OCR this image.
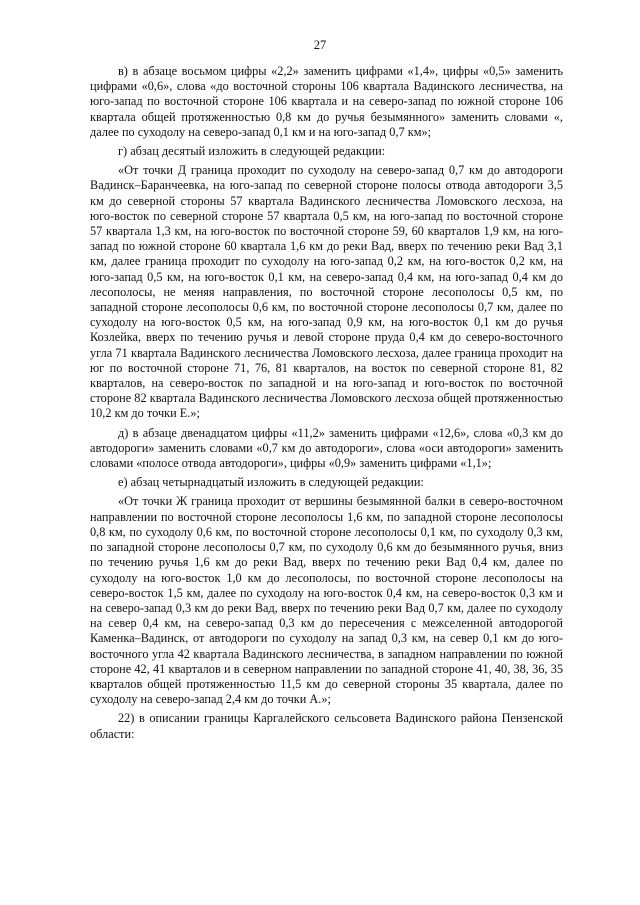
27

в) в абзаце восьмом цифры «2,2» заменить цифрами «1,4», цифры «0,5» заменить цифрами «0,6», слова «до восточной стороны 106 квартала Вадинского лесничества, на юго-запад по восточной стороне 106 квартала и на северо-запад по южной стороне 106 квартала общей протяженностью 0,8 км до ручья безымянного» заменить словами «, далее по суходолу на северо-запад 0,1 км и на юго-запад 0,7 км»;

г) абзац десятый изложить в следующей редакции:

«От точки Д граница проходит по суходолу на северо-запад 0,7 км до автодороги Вадинск–Баранчеевка, на юго-запад по северной стороне полосы отвода автодороги 3,5 км до северной стороны 57 квартала Вадинского лесничества Ломовского лесхоза, на юго-восток по северной стороне 57 квартала 0,5 км, на юго-запад по восточной стороне 57 квартала 1,3 км, на юго-восток по восточной стороне 59, 60 кварталов 1,9 км, на юго-запад по южной стороне 60 квартала 1,6 км до реки Вад, вверх по течению реки Вад 3,1 км, далее граница проходит по суходолу на юго-запад 0,2 км, на юго-восток 0,2 км, на юго-запад 0,5 км, на юго-восток 0,1 км, на северо-запад 0,4 км, на юго-запад 0,4 км до лесополосы, не меняя направления, по восточной стороне лесополосы 0,5 км, по западной стороне лесополосы 0,6 км, по восточной стороне лесополосы 0,7 км, далее по суходолу на юго-восток 0,5 км, на юго-запад 0,9 км, на юго-восток 0,1 км до ручья Козлейка, вверх по течению ручья и левой стороне пруда 0,4 км до северо-восточного угла 71 квартала Вадинского лесничества Ломовского лесхоза, далее граница проходит на юг по восточной стороне 71, 76, 81 кварталов, на восток по северной стороне 81, 82 кварталов, на северо-восток по западной и на юго-запад и юго-восток по восточной стороне 82 квартала Вадинского лесничества Ломовского лесхоза общей протяженностью 10,2 км до точки Е.»;

д) в абзаце двенадцатом цифры «11,2» заменить цифрами «12,6», слова «0,3 км до автодороги» заменить словами «0,7 км до автодороги», слова «оси автодороги» заменить словами «полосе отвода автодороги», цифры «0,9» заменить цифрами «1,1»;

е) абзац четырнадцатый изложить в следующей редакции:

«От точки Ж граница проходит от вершины безымянной балки в северо-восточном направлении по восточной стороне лесополосы 1,6 км, по западной стороне лесополосы 0,8 км, по суходолу 0,6 км, по восточной стороне лесополосы 0,1 км, по суходолу 0,3 км, по западной стороне лесополосы 0,7 км, по суходолу 0,6 км до безымянного ручья, вниз по течению ручья 1,6 км до реки Вад, вверх по течению реки Вад 0,4 км, далее по суходолу на юго-восток 1,0 км до лесополосы, по восточной стороне лесополосы на северо-восток 1,5 км, далее по суходолу на юго-восток 0,4 км, на северо-восток 0,3 км и на северо-запад 0,3 км до реки Вад, вверх по течению реки Вад 0,7 км, далее по суходолу на север 0,4 км, на северо-запад 0,3 км до пересечения с межселенной автодорогой Каменка–Вадинск, от автодороги по суходолу на запад 0,3 км, на север 0,1 км до юго-восточного угла 42 квартала Вадинского лесничества, в западном направлении по южной стороне 42, 41 кварталов и в северном направлении по западной стороне 41, 40, 38, 36, 35 кварталов общей протяженностью 11,5 км до северной стороны 35 квартала, далее по суходолу на северо-запад 2,4 км до точки А.»;

22) в описании границы Каргалейского сельсовета Вадинского района Пензенской области:
